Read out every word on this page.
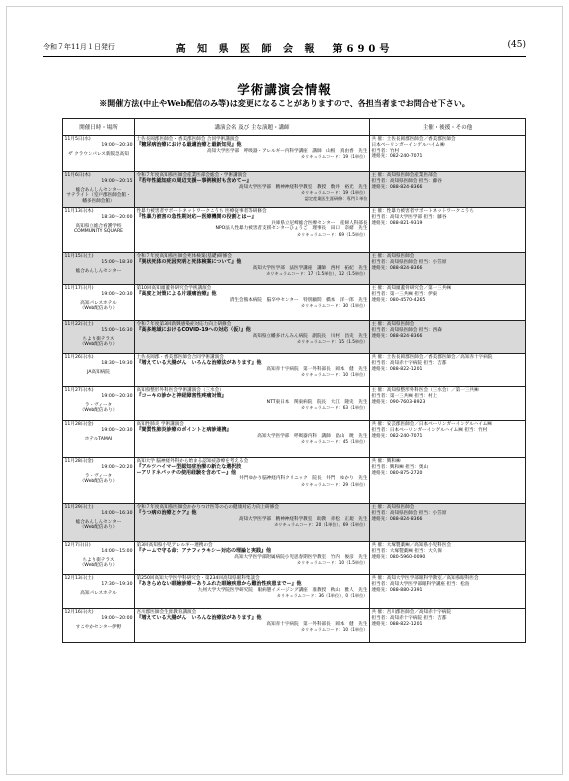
令和７年11月１日発行	高 知 県 医 師 会 報　第690号	(45)
学術講演会情報
※開催方法(中止やWeb配信のみ等)は変更になることがありますので、各担当者までお問合せ下さい。
開催日時・場所	講演会名 及び 主な演題・講師	主催・後援・その他

11月5日(水)
19:00～20:30
ザ クラウンパレス新阪急高知	土佐長岡郡医師会・香美郡医師会 合同学術講演会
『糖尿病治療における最適治療と最新知見』他
高知大学医学部　呼吸器・アレルギー内科学講座　講師　山根　真由香　先生
カリキュラムコード：19（1単位）	共 催：土佐長岡郡医師会／香美郡医師会
日本ベーリンガーインゲルハイム㈱
担当者：竹村
連絡先：082-240-7071

11月6日(木)
19:00～20:15
総合あんしんセンター
サテライト（室戸郡医師会館・幡多医師会館）	令和７年度高知県医師会産業医部会総会・学術講演会
『若年性認知症の周辺支援ー事例検討も含めてー』
高知大学医学部　精神神経科学教室　教授　数井　裕光　先生
カリキュラムコード：19（1単位）
認定産業医生涯研修：専門１単位	主 催：高知県医師会産業医部会
担当者：高知県医師会 担当：藤谷
連絡先：088-824-8366

11月13日(木)
18:30～20:00
高知県立総合看護学校
COMMUNITY SQUARE	性暴力被害者サポートネットワークこうち 医療従事者等研修会
『性暴力被害の急性期対応ー医療機関の役割とはー』
兵庫県立尼崎総合医療センター　産婦人科部長
NPO法人性暴力被害者支援センターひょうご　理事長　田口　奈緒　先生
カリキュラムコード：69（1.5単位）	主 催：性暴力被害者サポートネットワークこうち
担当者：高知大学医学部 担当：藤谷
連絡先：088-821-9319

11月15日(土)
15:00～18:30
総合あんしんセンター	令和７年度高知県医師会死体検案(基礎)研修会
『異状死体の死因究明と死体検案について』他
高知大学医学部　法医学講座　講師　西村　拓紀　先生
カリキュラムコード：17（1.5単位）、12（1.5単位）	主 催：高知県医師会
担当者：高知県医師会 担当：小笠原
連絡先：088-824-8366

11月17日(月)
19:00～20:30
高知パレスホテル
（Web配信あり）	第10回高知頭蓋骨研究会学術講演会
『高度と対策による片頭痛治療』他
済生会熊本病院　脳卒中センター　特別顧問　橋本　洋一郎　先生
カリキュラムコード：30（1単位）	主 催：高知頭蓋骨研究会／第一三共㈱
担当者：第一三共㈱ 担当：伊東
連絡先：080-4570-4265

11月22日(土)
15:00～16:30
ちより街テラス
（Web配信あり）	令和７年度第3回新興感染症対応力向上研修会
『高多地域におけるCOVID-19への対応（仮）』他
高知県立幡多けんみん病院　副院長　川村　昌史　先生
カリキュラムコード：15（1.5単位）	主 催：高知県医師会
担当者：高知県医師会 担当：西森
連絡先：088-824-8366

11月26日(水)
18:30～19:30
JA高知病院	土佐長岡郡・香美郡医師会合同学術講演会
『増えている大腸がん　いろんな治療法があります』他
高知赤十字病院　第一外科部長　岡本　健　先生
カリキュラムコード：10（1単位）	共 催：土佐長岡郡医師会／香美郡医師会／高知赤十字病院
担当者：高知赤十字病院 担当：吉都
連絡先：088-822-1201

11月27日(木)
19:00～20:30
ラ・ヴィータ
（Web配信あり）	高知県整形外科医会学術講演会（三水会）
『コーキの診かと神経障害性疼痛対策』
NTT東日本　関東病院　院長　大江　隆史　先生
カリキュラムコード：63（1単位）	主 催：高知県整形外科医会（三水会）／第一三共㈱
担当者：第一三共㈱ 担当：村上
連絡先：090-7603-8923

11月28日(金)
19:00～20:30
ホテルTAMAI	高知性肺炎 学術講演会
『間質性肺炎診療のポイントと病診連携』
高知大学医学部　呼吸器内科　講師　畠山　暁　先生
カリキュラムコード：45（1単位）	共 催：安芸郡医師会／日本ベーリンガーインゲルハイム㈱
担当者：日本ベーリンガーインゲルハイム㈱ 担当：竹村
連絡先：082-240-7071

11月28日(金)
19:00～20:20
ラ・ヴィータ
（Web配信あり）	高知大学 脳神経外科から始まる認知症診療を考える会
『アルツハイマー型認知症治療の新たな選択肢
ーアリドネパッチの使用経験を含めてー』他
井門ゆかり脳神経内科クリニック　院長　井門　ゆかり　先生
カリキュラムコード：29（1単位）	共 催：興和㈱
担当者：興和㈱ 担当：奥山
連絡先：080-875-2720

11月29日(土)
14:00～16:30
総合あんしんセンター
（Web配信あり）	令和７年度高知県医師会かかりつけ医等の心の健康対応力向上研修会
『うつ病の治療とケア』他
高知大学医学部　精神神経科学教室　助教　赤松　正規　先生
カリキュラムコード：20（1単位）、69（1単位）	主 催：高知県医師会
担当者：高知県医師会 担当：小笠原
連絡先：088-824-8366

12月7日(日)
14:00～15:00
ちより街テラス
（Web配信あり）	第3回高知県小児アレルギー連携の会
『チームで守る命：アナフィラキシー対応の理論と実践』他
高知大学医学部附属病院小児思春期医学教室　竹内　俊彦　先生
カリキュラムコード：10（1.5単位）	共 催：大塚製薬㈱／高知県小児科医会
担当者：大塚製薬㈱ 担当：大久保
連絡先：080-5960-0090

12月13日(土)
17:30～19:30
高知パレスホテル	第250回高知大学医学科研究会・第234回高知県眼科集談会
『あきらめない眼瞼診療ーありふれた眼瞼疾患から難治性疾患までー』他
九州大学大学院医学研究院　眼病態イメージング講座　准教授　秋山　雅人　先生
カリキュラムコード：36（1単位）、0（1単位）	共 催：高知大学医学部眼科学教室／高知県眼科医会
担当者：高知大学医学部眼科学講座 担当：松島
連絡先：088-880-2391

12月16日(火)
19:00～20:00
すこやかセンター伊野	吾川郡医師会生涯教育講演会
『増えている大腸がん　いろんな治療法があります』他
高知赤十字病院　第一外科部長　岡本　健　先生
カリキュラムコード：10（1単位）	共 催：吾川郡医師会／高知赤十字病院
担当者：高知赤十字病院 担当：吉都
連絡先：088-822-1201
